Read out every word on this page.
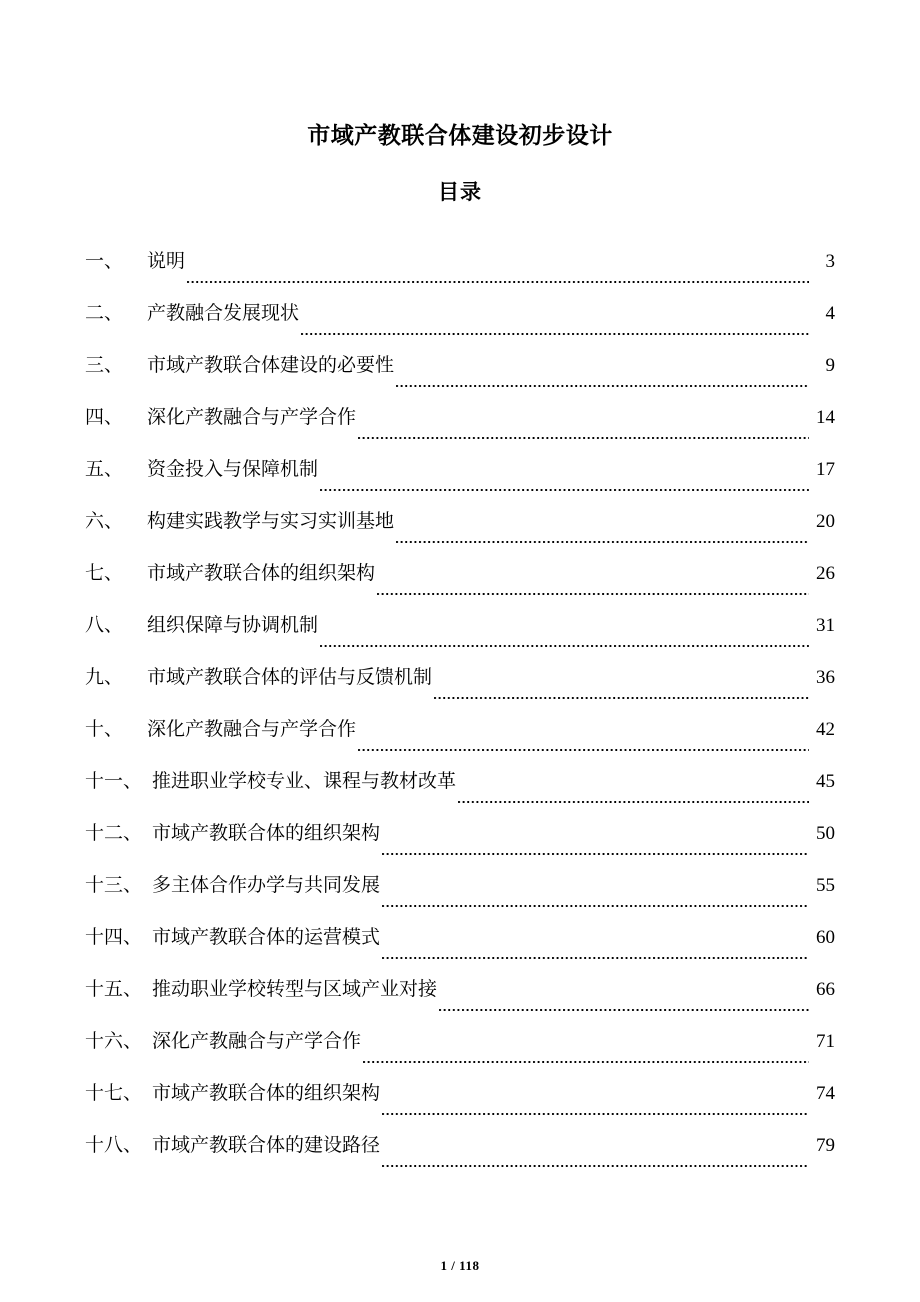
市域产教联合体建设初步设计
目录
一、	说明	3
二、	产教融合发展现状	4
三、	市域产教联合体建设的必要性	9
四、	深化产教融合与产学合作	14
五、	资金投入与保障机制	17
六、	构建实践教学与实习实训基地	20
七、	市域产教联合体的组织架构	26
八、	组织保障与协调机制	31
九、	市域产教联合体的评估与反馈机制	36
十、	深化产教融合与产学合作	42
十一、 推进职业学校专业、课程与教材改革	45
十二、 市域产教联合体的组织架构	50
十三、 多主体合作办学与共同发展	55
十四、 市域产教联合体的运营模式	60
十五、 推动职业学校转型与区域产业对接	66
十六、 深化产教融合与产学合作	71
十七、 市域产教联合体的组织架构	74
十八、 市域产教联合体的建设路径	79
1 / 118
